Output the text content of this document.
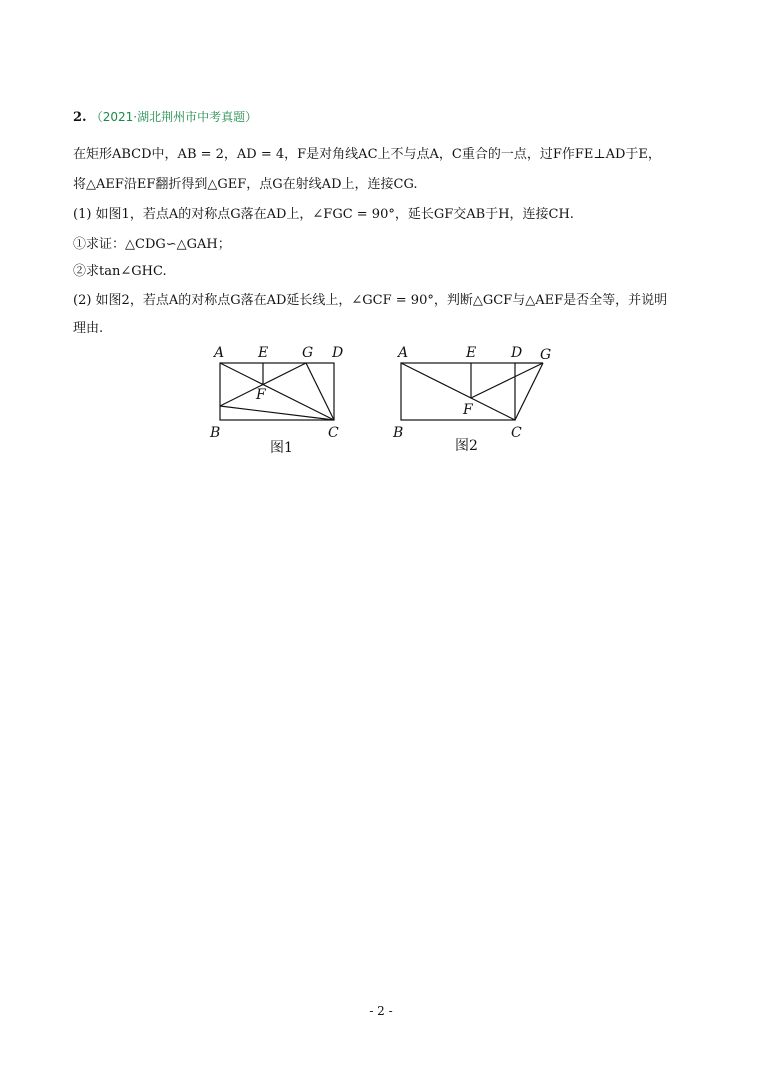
2. （2021·湖北荆州市中考真题）
在矩形ABCD中，AB = 2，AD = 4，F是对角线AC上不与点A，C重合的一点，过F作FE⊥AD于E，
将△AEF沿EF翻折得到△GEF，点G在射线AD上，连接CG.
(1) 如图1，若点A的对称点G落在AD上，∠FGC = 90°，延长GF交AB于H，连接CH.
①求证：△CDG∽△GAH；
②求tan∠GHC.
(2) 如图2，若点A的对称点G落在AD延长线上，∠GCF = 90°，判断△GCF与△AEF是否全等，并说明
理由.
A E G D
F
B	C
图1
A	E D G
F
B	C
图2
- 2 -
